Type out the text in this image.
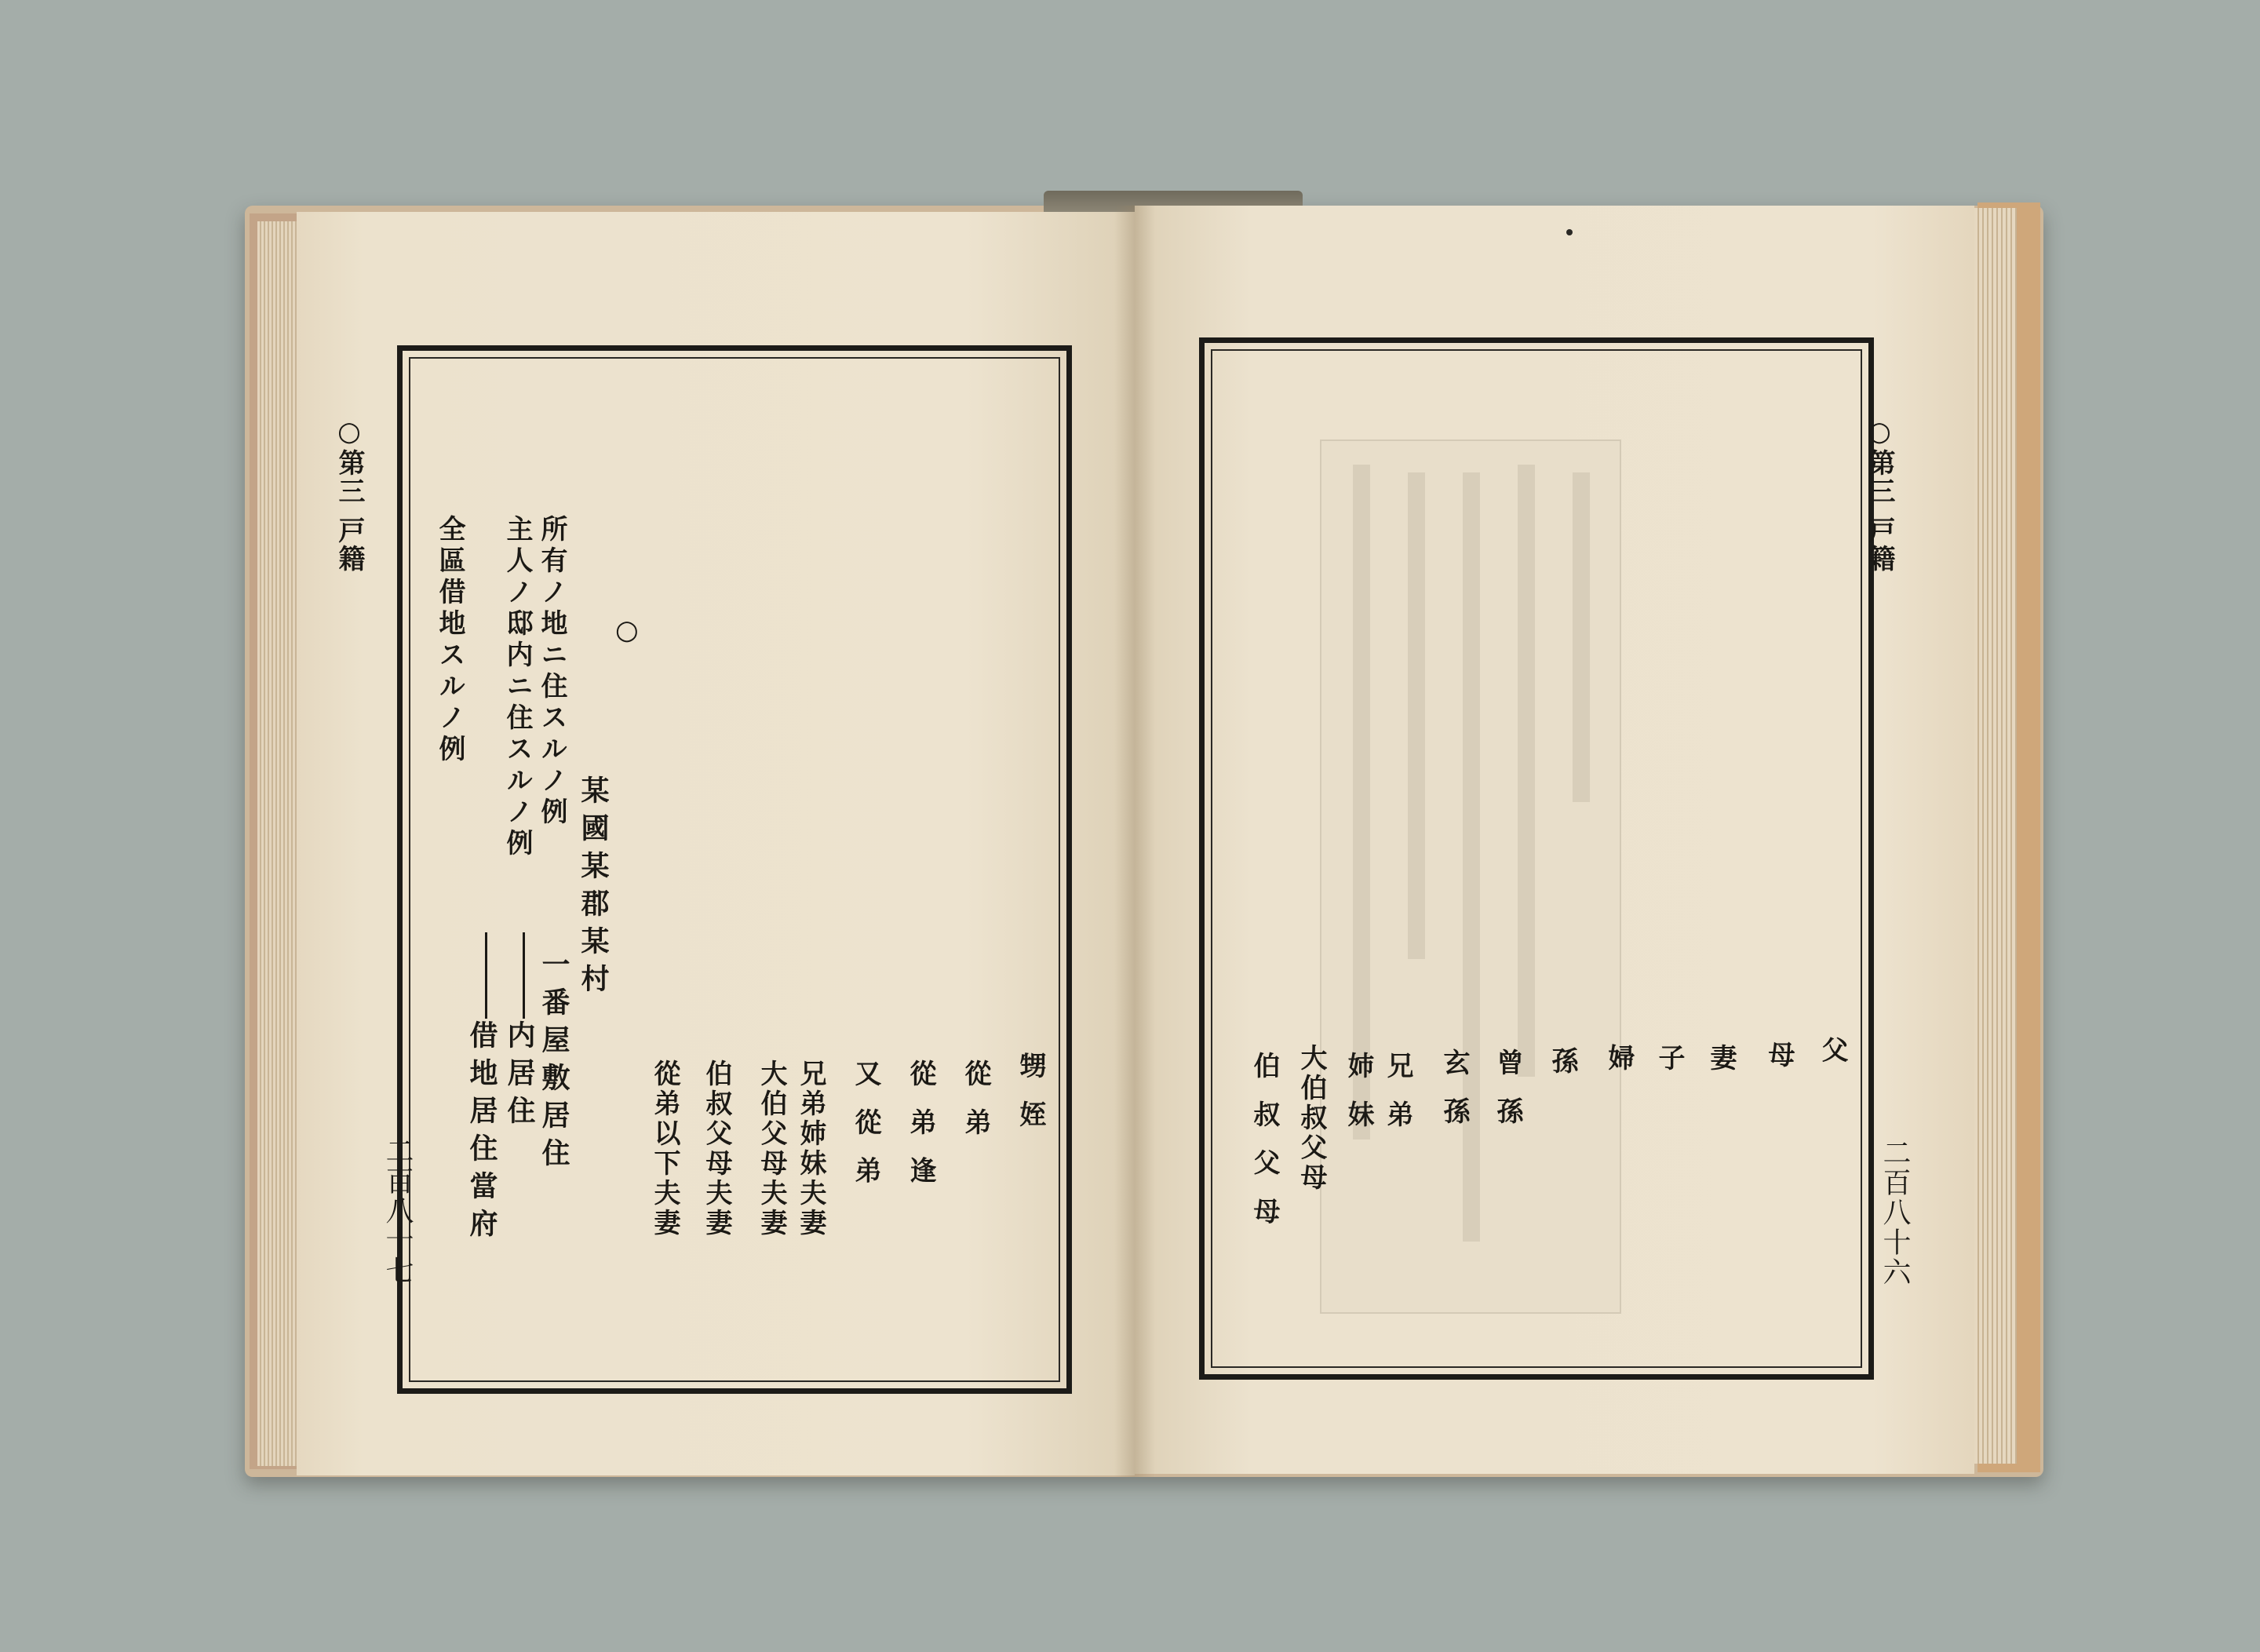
○第三 戸籍
二百八十七
所有ノ地ニ住スルノ例
主人ノ邸内ニ住スルノ例
全區借地スルノ例	○
某國某郡某村
一番屋敷居住
内居住
借地居住當府	甥 姪
從 弟
從 弟 逢
又 從 弟
兄弟姉妹夫妻
大伯父母夫妻
伯叔父母夫妻
從弟以下夫妻
○第三 戸籍
二百八十六
父
母
妻
子
婦
孫
曾 孫
玄 孫
兄 弟
姉 妹
大伯叔父母
伯 叔 父 母
